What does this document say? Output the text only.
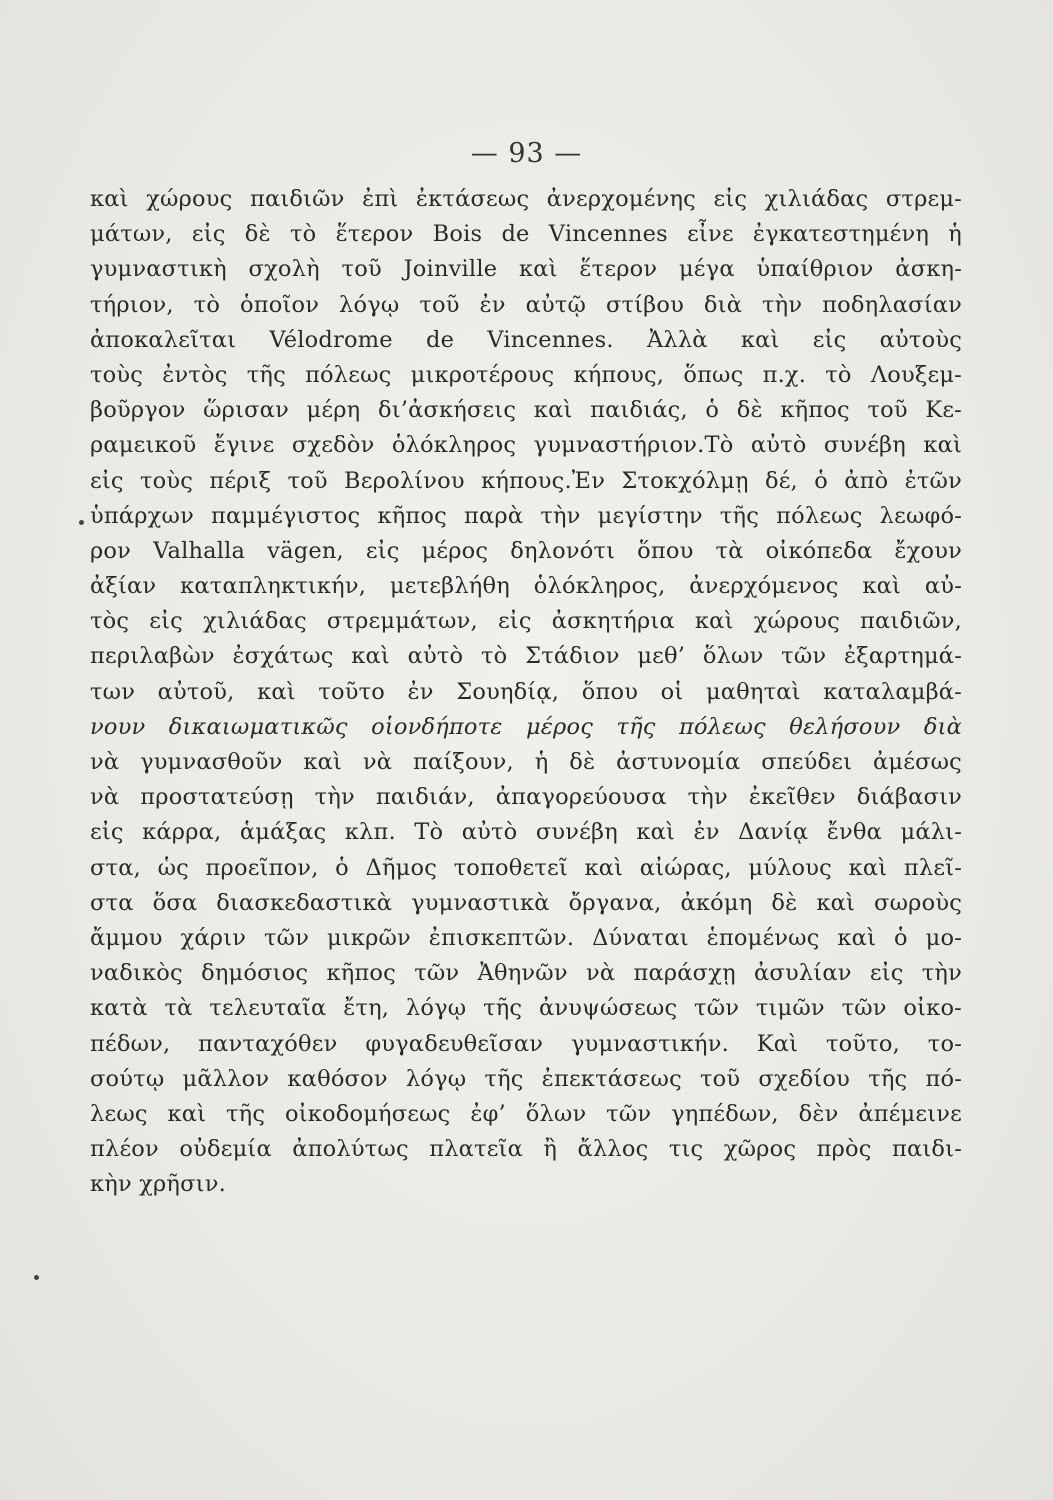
— 93 —
καὶ χώρους παιδιῶν ἐπὶ ἐκτάσεως ἀνερχομένης εἰς χιλιάδας στρεμ-
μάτων, εἰς δὲ τὸ ἕτερον Bois de Vincennes εἶνε ἐγκατεστημένη ἡ
γυμναστικὴ σχολὴ τοῦ Joinville καὶ ἕτερον μέγα ὑπαίθριον ἀσκη-
τήριον, τὸ ὁποῖον λόγῳ τοῦ ἐν αὐτῷ στίβου διὰ τὴν ποδηλασίαν
ἀποκαλεῖται Vélodrome de Vincennes. Ἀλλὰ καὶ εἰς αὐτοὺς
τοὺς ἐντὸς τῆς πόλεως μικροτέρους κήπους, ὅπως π.χ. τὸ Λουξεμ-
βοῦργον ὥρισαν μέρη δι’ἀσκήσεις καὶ παιδιάς, ὁ δὲ κῆπος τοῦ Κε-
ραμεικοῦ ἔγινε σχεδὸν ὁλόκληρος γυμναστήριον.Τὸ αὐτὸ συνέβη καὶ
εἰς τοὺς πέριξ τοῦ Βερολίνου κήπους.Ἐν Στοκχόλμῃ δέ, ὁ ἀπὸ ἐτῶν
ὑπάρχων παμμέγιστος κῆπος παρὰ τὴν μεγίστην τῆς πόλεως λεωφό-
ρον Valhalla vägen, εἰς μέρος δηλονότι ὅπου τὰ οἰκόπεδα ἔχουν
ἀξίαν καταπληκτικήν, μετεβλήθη ὁλόκληρος, ἀνερχόμενος καὶ αὐ-
τὸς εἰς χιλιάδας στρεμμάτων, εἰς ἀσκητήρια καὶ χώρους παιδιῶν,
περιλαβὼν ἐσχάτως καὶ αὐτὸ τὸ Στάδιον μεθ’ ὅλων τῶν ἐξαρτημά-
των αὐτοῦ, καὶ τοῦτο ἐν Σουηδίᾳ, ὅπου οἱ μαθηταὶ καταλαμβά-
νουν δικαιωματικῶς οἱονδήποτε μέρος τῆς πόλεως θελήσουν διὰ
νὰ γυμνασθοῦν καὶ νὰ παίξουν, ἡ δὲ ἀστυνομία σπεύδει ἀμέσως
νὰ προστατεύσῃ τὴν παιδιάν, ἀπαγορεύουσα τὴν ἐκεῖθεν διάβασιν
εἰς κάρρα, ἁμάξας κλπ. Τὸ αὐτὸ συνέβη καὶ ἐν Δανίᾳ ἔνθα μάλι-
στα, ὡς προεῖπον, ὁ Δῆμος τοποθετεῖ καὶ αἰώρας, μύλους καὶ πλεῖ-
στα ὅσα διασκεδαστικὰ γυμναστικὰ ὄργανα, ἀκόμη δὲ καὶ σωροὺς
ἄμμου χάριν τῶν μικρῶν ἐπισκεπτῶν. Δύναται ἑπομένως καὶ ὁ μο-
ναδικὸς δημόσιος κῆπος τῶν Ἀθηνῶν νὰ παράσχῃ ἀσυλίαν εἰς τὴν
κατὰ τὰ τελευταῖα ἔτη, λόγῳ τῆς ἀνυψώσεως τῶν τιμῶν τῶν οἰκο-
πέδων, πανταχόθεν φυγαδευθεῖσαν γυμναστικήν. Καὶ τοῦτο, το-
σούτῳ μᾶλλον καθόσον λόγῳ τῆς ἐπεκτάσεως τοῦ σχεδίου τῆς πό-
λεως καὶ τῆς οἰκοδομήσεως ἐφ’ ὅλων τῶν γηπέδων, δὲν ἀπέμεινε
πλέον οὐδεμία ἀπολύτως πλατεῖα ἢ ἄλλος τις χῶρος πρὸς παιδι-
κὴν χρῆσιν.
